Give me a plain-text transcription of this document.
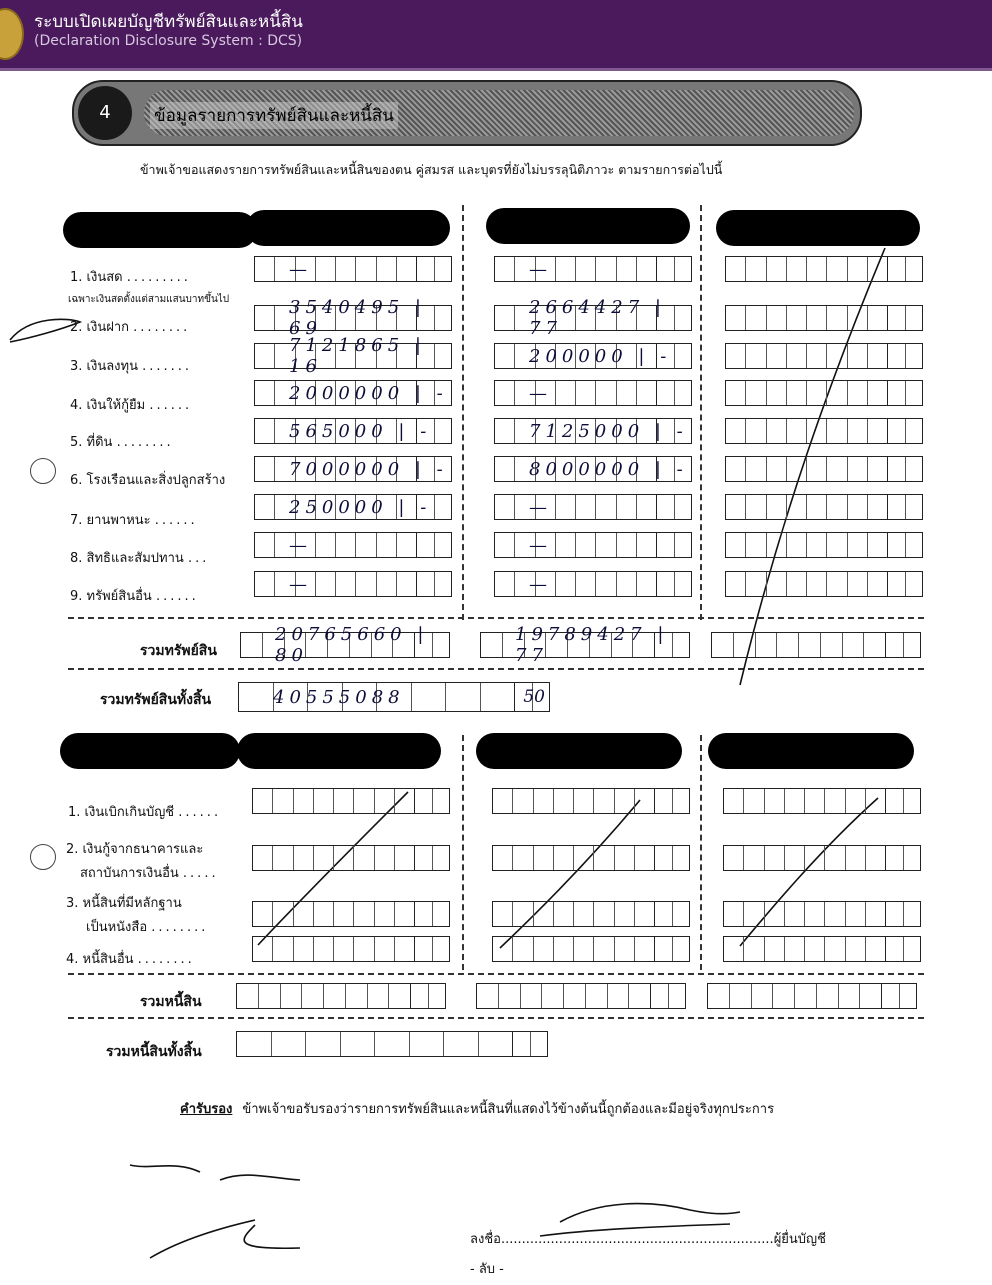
ระบบเปิดเผยบัญชีทรัพย์สินและหนี้สิน
(Declaration Disclosure System : DCS)
4	ข้อมูลรายการทรัพย์สินและหนี้สิน
ข้าพเจ้าขอแสดงรายการทรัพย์สินและหนี้สินของตน คู่สมรส และบุตรที่ยังไม่บรรลุนิติภาวะ ตามรายการต่อไปนี้
เฉพาะเงินสดตั้งแต่สามแสนบาทขึ้นไป
1. เงินสด .........
2. เงินฝาก ........
3. เงินลงทุน .......
4. เงินให้กู้ยืม ......
5. ที่ดิน ........
6. โรงเรือนและสิ่งปลูกสร้าง
7. ยานพาหนะ ......
8. สิทธิและสัมปทาน ...
9. ทรัพย์สินอื่น ......
รวมทรัพย์สิน
รวมทรัพย์สินทั้งสิ้น
1. เงินเบิกเกินบัญชี ......
2. เงินกู้จากธนาคารและ
สถาบันการเงินอื่น .....
3. หนี้สินที่มีหลักฐาน
เป็นหนังสือ ........
4. หนี้สินอื่น ........
รวมหนี้สิน
รวมหนี้สินทั้งสิ้น
คำรับรอง ข้าพเจ้าขอรับรองว่ารายการทรัพย์สินและหนี้สินที่แสดงไว้ข้างต้นนี้ถูกต้องและมีอยู่จริงทุกประการ
ลงชื่อ..................................................................ผู้ยื่นบัญชี
- ลับ -
—
3540495 | 69
7121865 | 16
2000000 | -
565000 | -
7000000 | -
250000 | -
—
—
20765660 | 80
—
2664427 | 77
200000 | -
—
7125000 | -
8000000 | -
—
—
—
19789427 | 77
40555088	50
